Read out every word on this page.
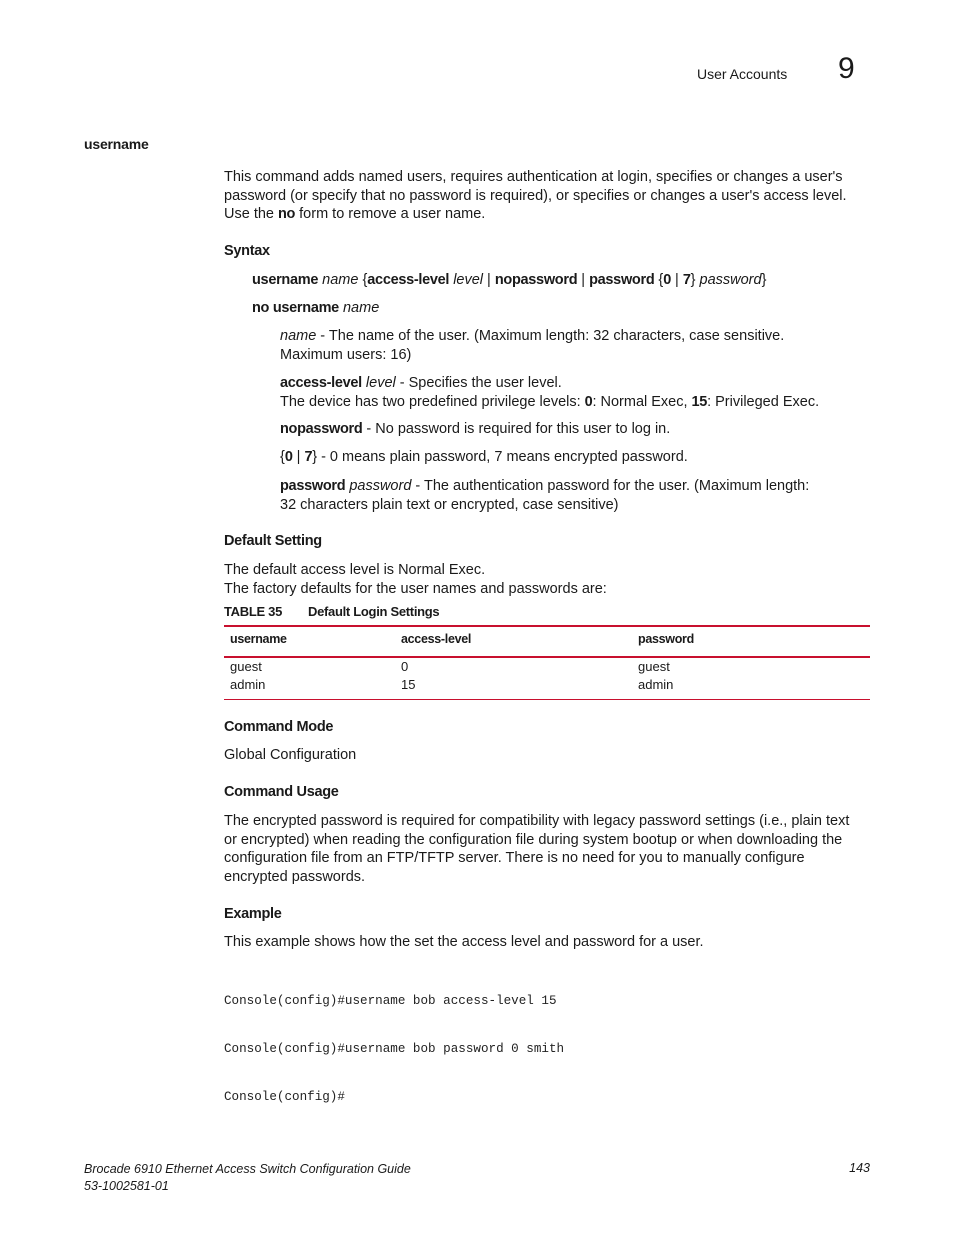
User Accounts 9
username
This command adds named users, requires authentication at login, specifies or changes a user's
password (or specify that no password is required), or specifies or changes a user's access level.
Use the no form to remove a user name.
Syntax
username name {access-level level | nopassword | password {0 | 7} password}
no username name
name - The name of the user. (Maximum length: 32 characters, case sensitive.
Maximum users: 16)
access-level level - Specifies the user level.
The device has two predefined privilege levels: 0: Normal Exec, 15: Privileged Exec.
nopassword - No password is required for this user to log in.
{0 | 7} - 0 means plain password, 7 means encrypted password.
password password - The authentication password for the user. (Maximum length:
32 characters plain text or encrypted, case sensitive)
Default Setting
The default access level is Normal Exec.
The factory defaults for the user names and passwords are:
TABLE 35 Default Login Settings
username	access-level	password
guest
admin
0
15
guest
admin
Command Mode
Global Configuration
Command Usage
The encrypted password is required for compatibility with legacy password settings (i.e., plain text
or encrypted) when reading the configuration file during system bootup or when downloading the
configuration file from an FTP/TFTP server. There is no need for you to manually configure
encrypted passwords.
Example
This example shows how the set the access level and password for a user.

Console(config)#username bob access-level 15

Console(config)#username bob password 0 smith

Console(config)#

Brocade 6910 Ethernet Access Switch Configuration Guide
53-1002581-01
143
